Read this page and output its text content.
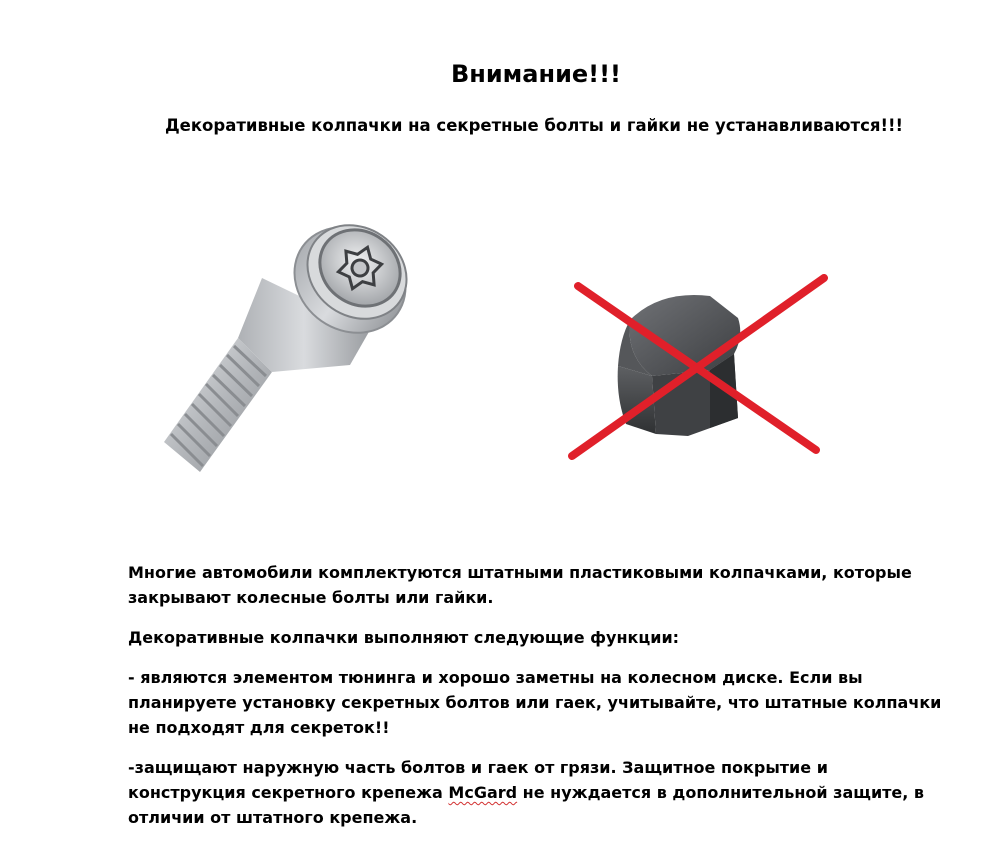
Внимание!!!
Декоративные колпачки на секретные болты и гайки не устанавливаются!!!

Многие автомобили комплектуются штатными пластиковыми колпачками, которые закрывают колесные болты или гайки.

Декоративные колпачки выполняют следующие функции:

- являются элементом тюнинга и хорошо заметны на колесном диске. Если вы планируете установку секретных болтов или гаек, учитывайте, что штатные колпачки не подходят для секреток!!

-защищают наружную часть болтов и гаек от грязи. Защитное покрытие и конструкция секретного крепежа McGard не нуждается в дополнительной защите, в отличии от штатного крепежа.
